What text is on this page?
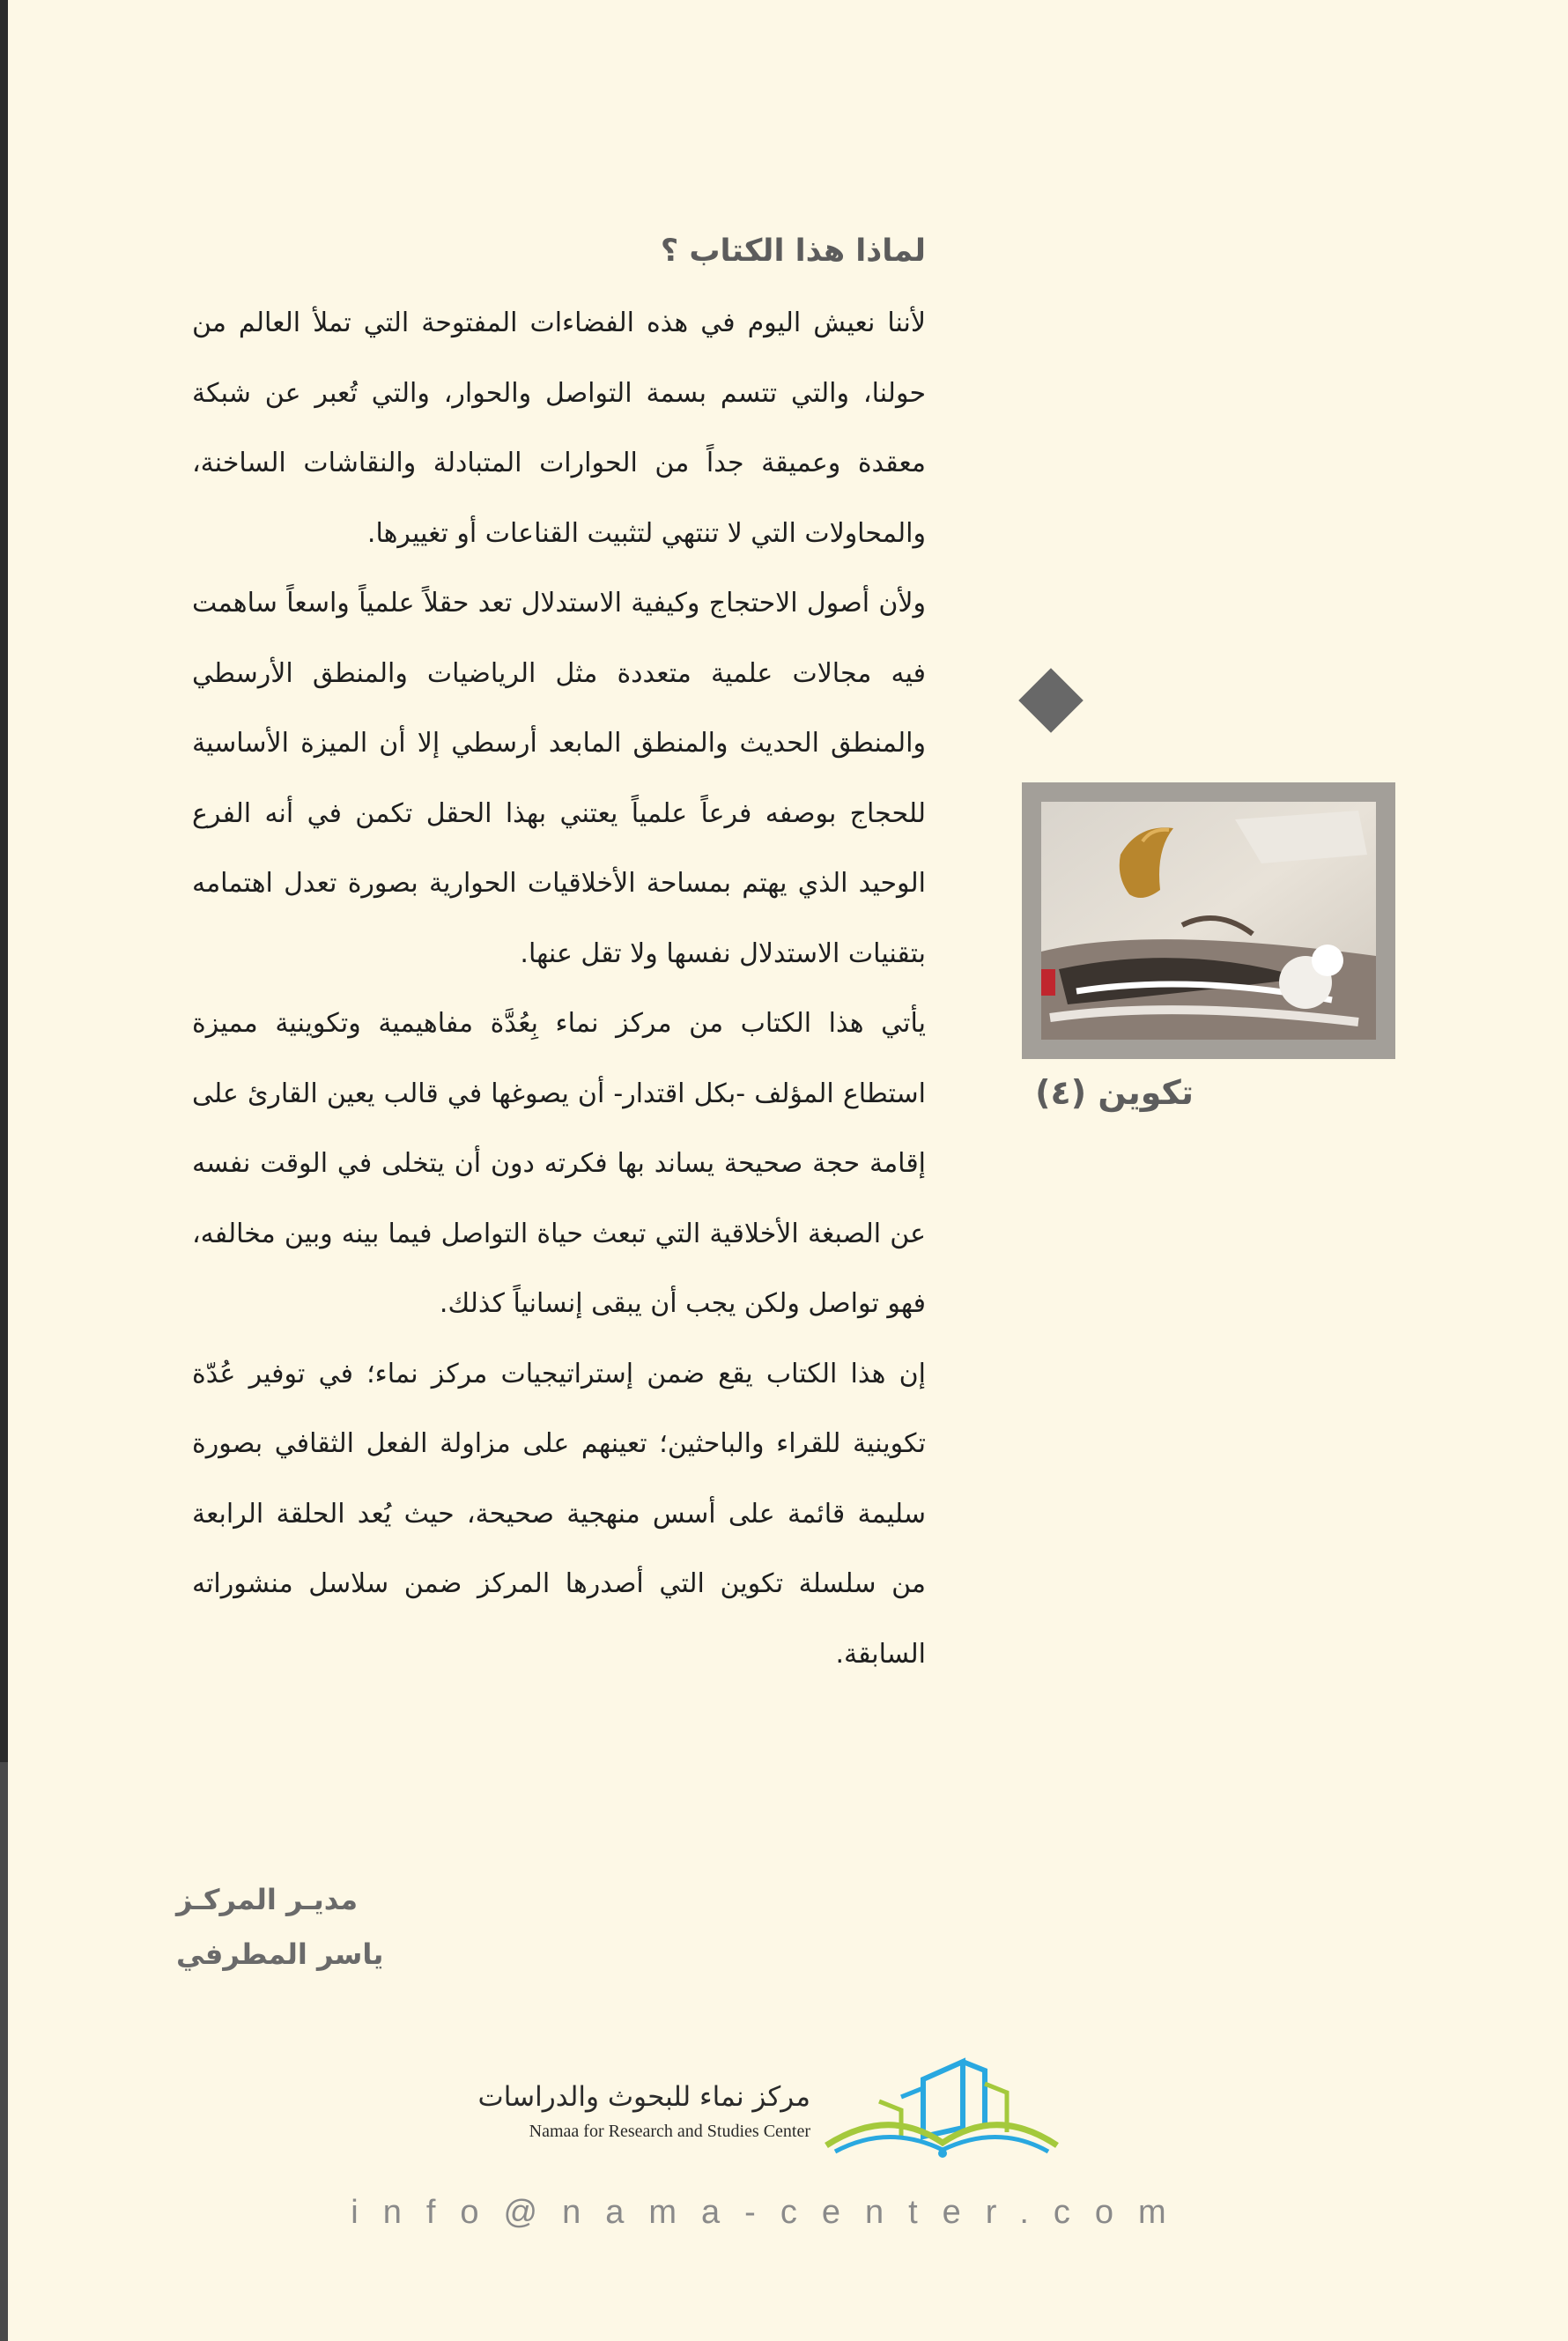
لماذا هذا الكتاب ؟

لأننا نعيش اليوم في هذه الفضاءات المفتوحة التي تملأ العالم من حولنا، والتي تتسم بسمة التواصل والحوار، والتي تُعبر عن شبكة معقدة وعميقة جداً من الحوارات المتبادلة والنقاشات الساخنة، والمحاولات التي لا تنتهي لتثبيت القناعات أو تغييرها.

ولأن أصول الاحتجاج وكيفية الاستدلال تعد حقلاً علمياً واسعاً ساهمت فيه مجالات علمية متعددة مثل الرياضيات والمنطق الأرسطي والمنطق الحديث والمنطق المابعد أرسطي إلا أن الميزة الأساسية للحجاج بوصفه فرعاً علمياً يعتني بهذا الحقل تكمن في أنه الفرع الوحيد الذي يهتم بمساحة الأخلاقيات الحوارية بصورة تعدل اهتمامه بتقنيات الاستدلال نفسها ولا تقل عنها.

يأتي هذا الكتاب من مركز نماء بِعُدَّة مفاهيمية وتكوينية مميزة استطاع المؤلف -بكل اقتدار- أن يصوغها في قالب يعين القارئ على إقامة حجة صحيحة يساند بها فكرته دون أن يتخلى في الوقت نفسه عن الصبغة الأخلاقية التي تبعث حياة التواصل فيما بينه وبين مخالفه، فهو تواصل ولكن يجب أن يبقى إنسانياً كذلك.

إن هذا الكتاب يقع ضمن إستراتيجيات مركز نماء؛ في توفير عُدّة تكوينية للقراء والباحثين؛ تعينهم على مزاولة الفعل الثقافي بصورة سليمة قائمة على أسس منهجية صحيحة، حيث يُعد الحلقة الرابعة من سلسلة تكوين التي أصدرها المركز ضمن سلاسل منشوراته السابقة.

تكوين (٤)
مديـر المركـز
ياسر المطرفي
مركز نماء للبحوث والدراسات
Namaa for Research and Studies Center
info@nama-center.com
